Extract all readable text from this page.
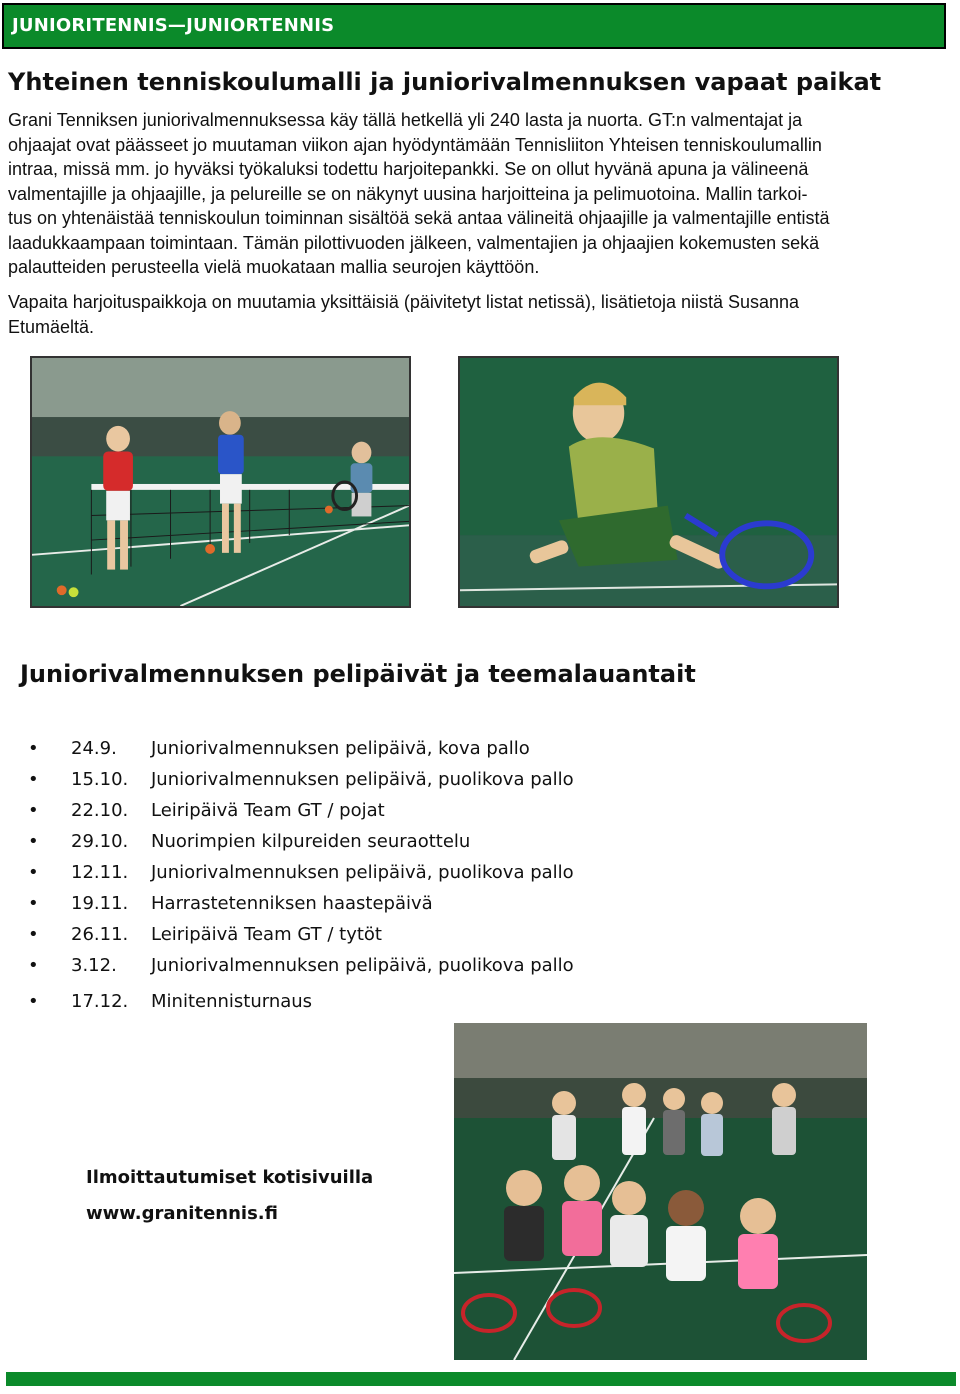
JUNIORITENNIS—JUNIORTENNIS
Yhteinen tenniskoulumalli ja juniorivalmennuksen vapaat paikat
Grani Tenniksen juniorivalmennuksessa käy tällä hetkellä yli 240 lasta ja nuorta. GT:n valmentajat ja
ohjaajat ovat päässeet jo muutaman viikon ajan hyödyntämään Tennisliiton Yhteisen tenniskoulumallin
intraa, missä mm. jo hyväksi työkaluksi todettu harjoitepankki. Se on ollut hyvänä apuna ja välineenä
valmentajille ja ohjaajille, ja pelureille se on näkynyt uusina harjoitteina ja pelimuotoina. Mallin tarkoi-
tus on yhtenäistää tenniskoulun toiminnan sisältöä sekä antaa välineitä ohjaajille ja valmentajille entistä
laadukkaampaan toimintaan. Tämän pilottivuoden jälkeen, valmentajien ja ohjaajien kokemusten sekä
palautteiden perusteella vielä muokataan mallia seurojen käyttöön.
Vapaita harjoituspaikkoja on muutamia yksittäisiä (päivitetyt listat netissä), lisätietoja niistä Susanna
Etumäeltä.
Juniorivalmennuksen pelipäivät ja teemalauantait
• 24.9. Juniorivalmennuksen pelipäivä, kova pallo
• 15.10. Juniorivalmennuksen pelipäivä, puolikova pallo
• 22.10. Leiripäivä Team GT / pojat
• 29.10. Nuorimpien kilpureiden seuraottelu
• 12.11. Juniorivalmennuksen pelipäivä, puolikova pallo
• 19.11. Harrastetenniksen haastepäivä
• 26.11. Leiripäivä Team GT / tytöt
• 3.12. Juniorivalmennuksen pelipäivä, puolikova pallo
• 17.12. Minitennisturnaus

Ilmoittautumiset kotisivuilla

www.granitennis.fi
